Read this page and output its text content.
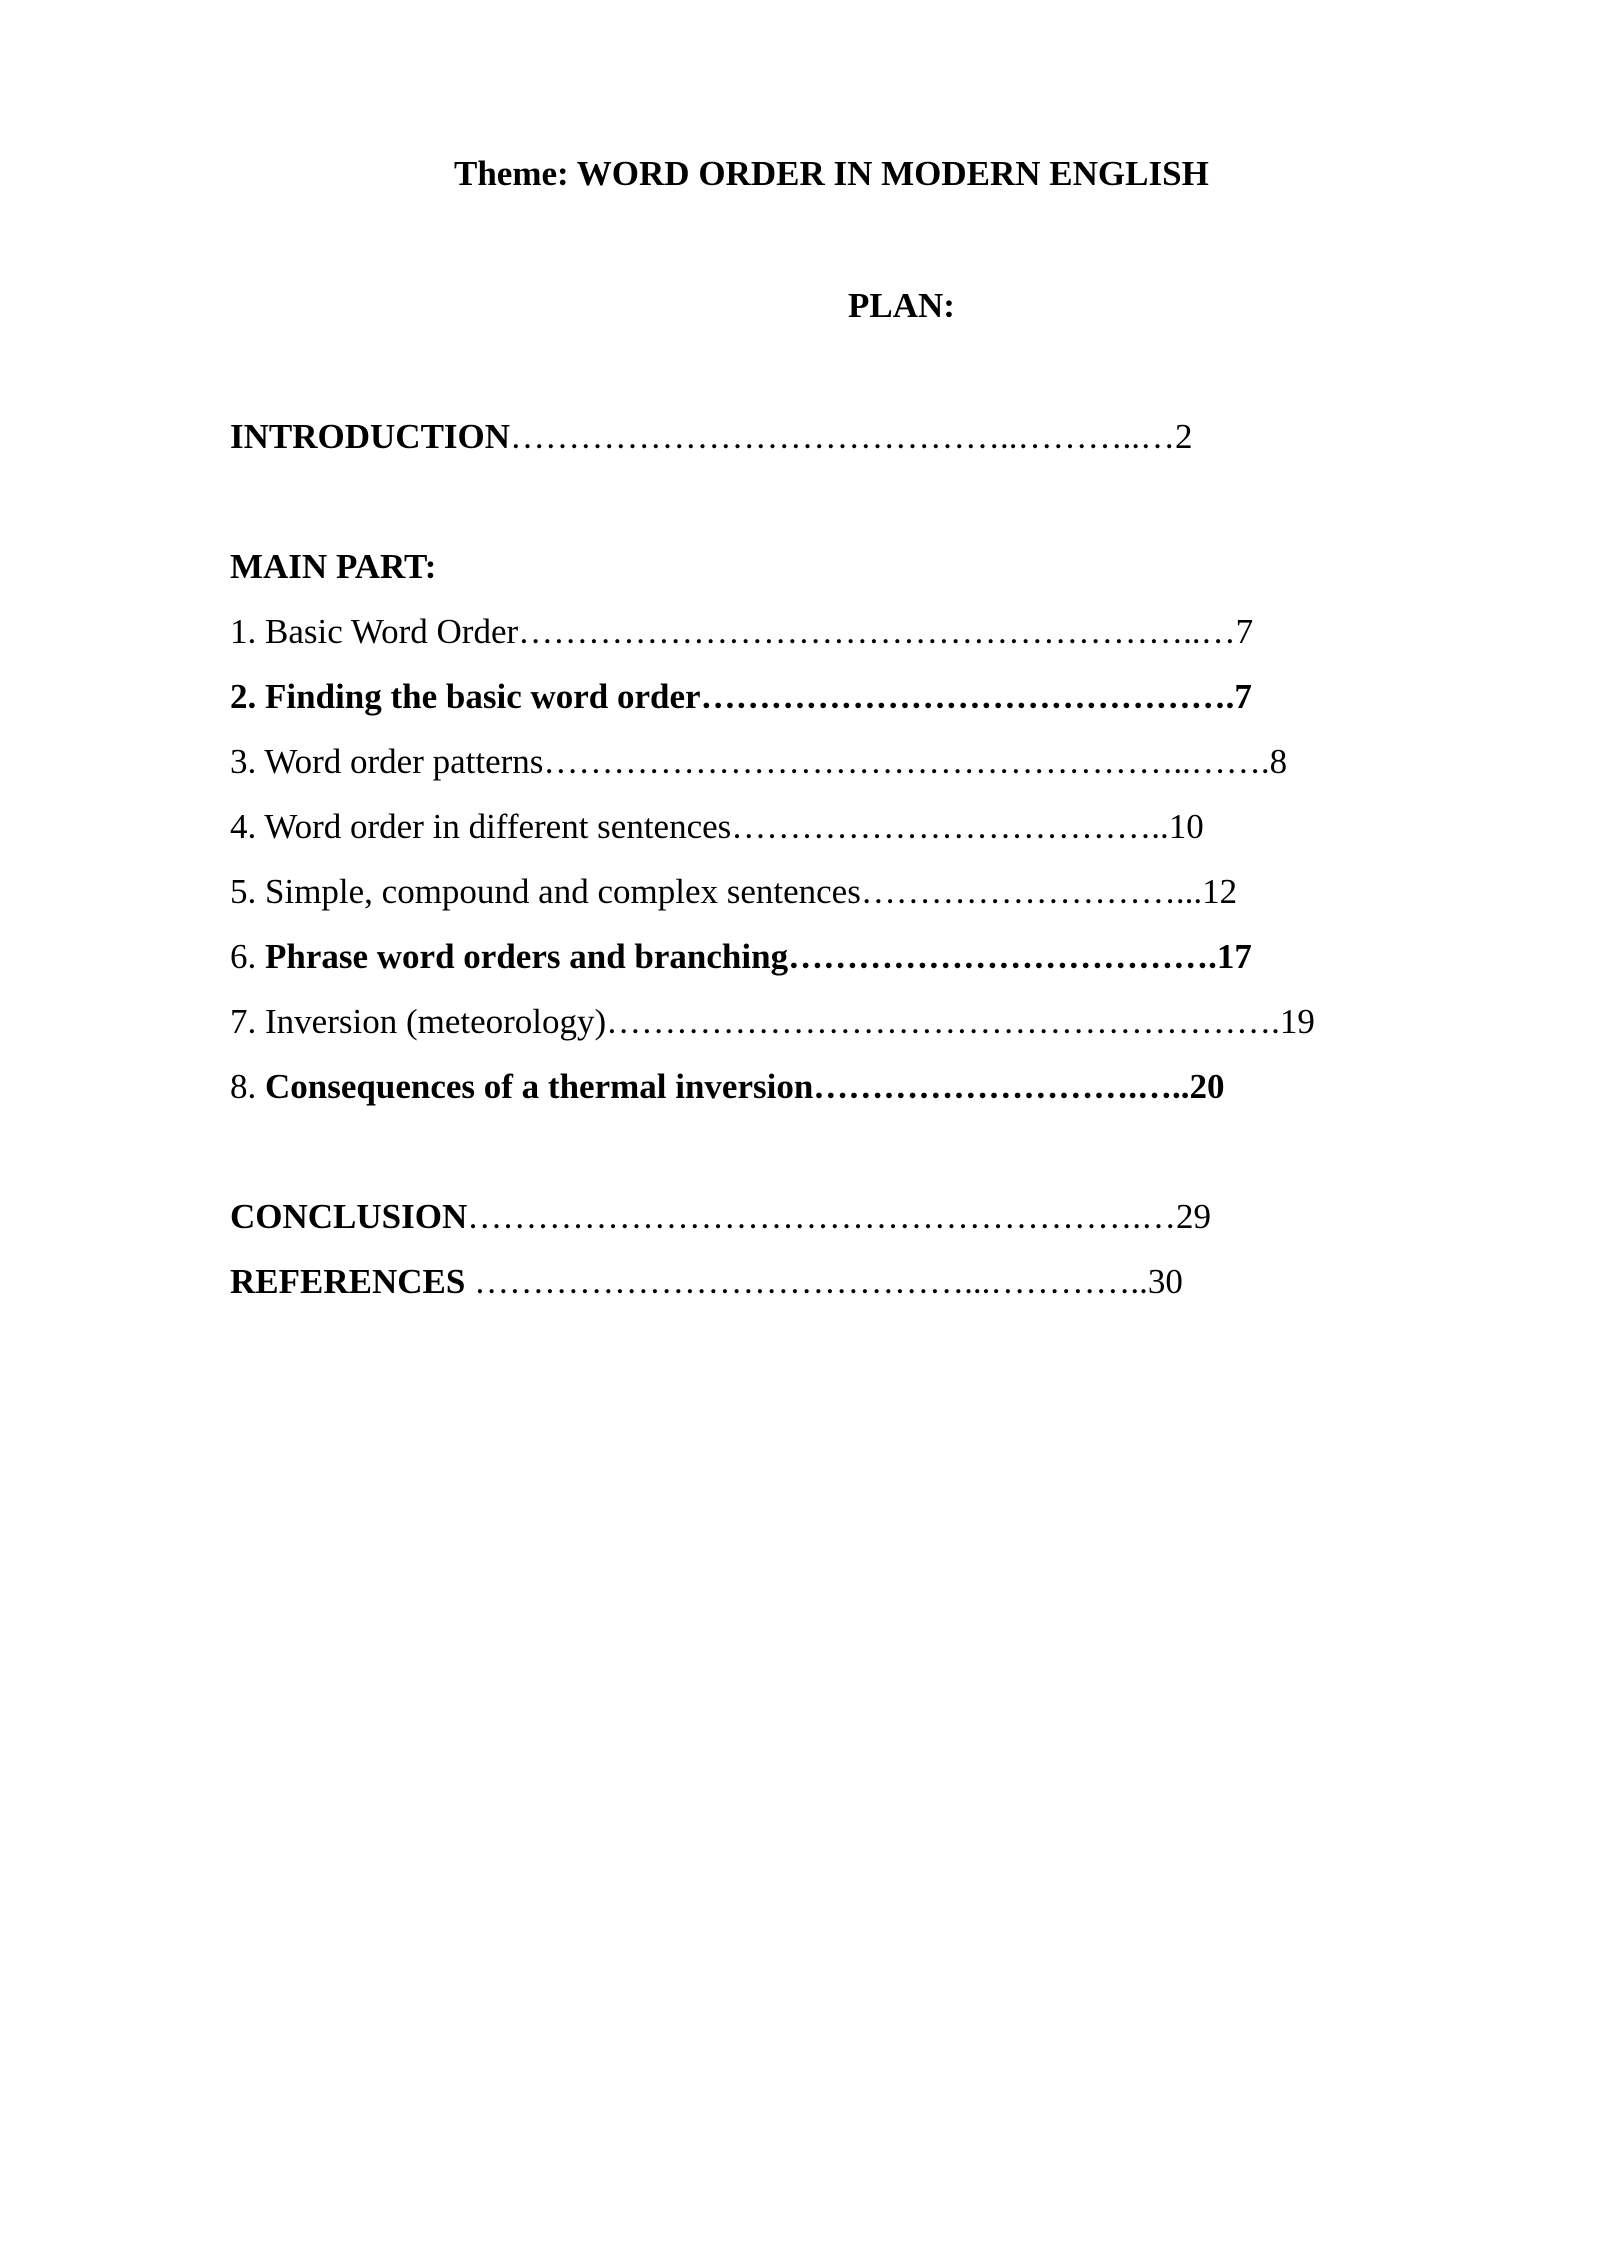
Theme: WORD ORDER IN MODERN ENGLISH
PLAN:
INTRODUCTION……………………………………..………..…2
MAIN PART:
1. Basic Word Order…………………………………………………..…7
2. Finding the basic word order……………………………………….7
3. Word order patterns………………………………………………..…….8
4. Word order in different sentences………………………………..10
5. Simple, compound and complex sentences………………………...12
6. Phrase word orders and branching……………………………….17
7. Inversion (meteorology)………………………………………………….19
8. Consequences of a thermal inversion……………………….…..20
CONCLUSION………………………………………………….…29
REFERENCES ……………………………………...…………..30
